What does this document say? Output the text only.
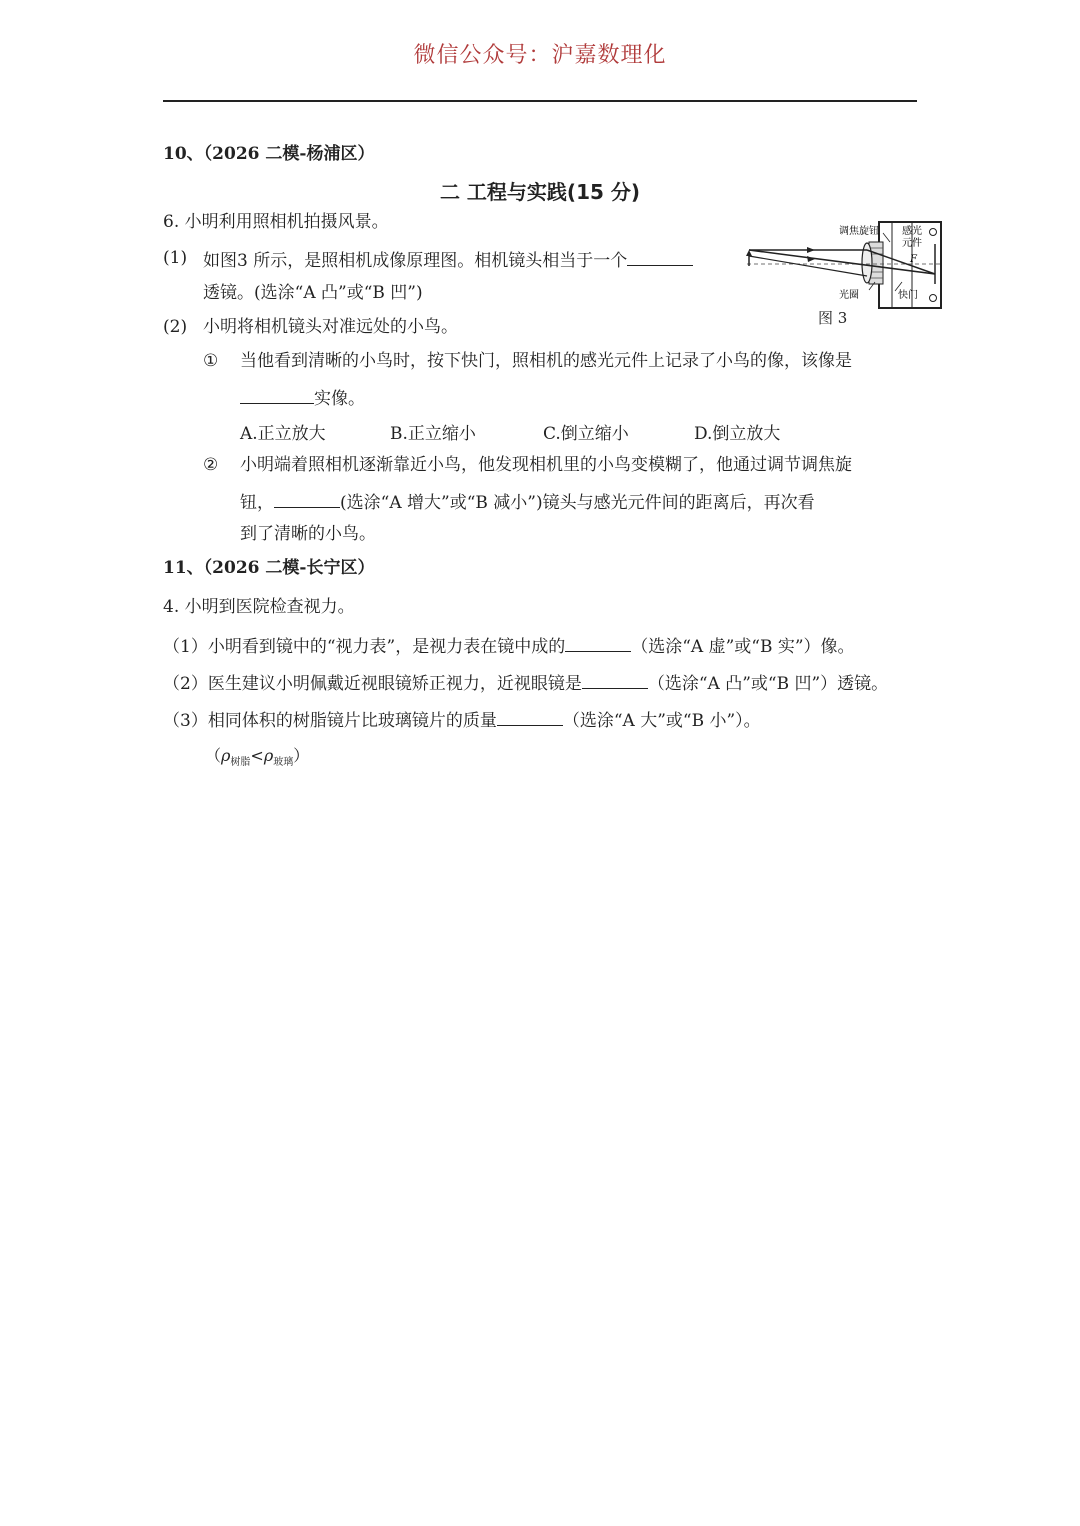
微信公众号：沪嘉数理化
10、（2026 二模-杨浦区）
二 工程与实践(15 分)
6. 小明利用照相机拍摄风景。
(1) 如图3 所示，是照相机成像原理图。相机镜头相当于一个
透镜。(选涂“A 凸”或“B 凹”)
(2) 小明将相机镜头对准远处的小鸟。
① 当他看到清晰的小鸟时，按下快门，照相机的感光元件上记录了小鸟的像，该像是
实像。
A.正立放大	B.正立缩小	C.倒立缩小	D.倒立放大
② 小明端着照相机逐渐靠近小鸟，他发现相机里的小鸟变模糊了，他通过调节调焦旋
钮，	(选涂“A 增大”或“B 减小”)镜头与感光元件间的距离后，再次看
到了清晰的小鸟。
调焦旋钮 感光
元件
F
光圈	快门
图 3
11、（2026 二模-长宁区）
4. 小明到医院检查视力。
（1）小明看到镜中的“视力表”，是视力表在镜中成的	（选涂“A 虚”或“B 实”）像。
（2）医生建议小明佩戴近视眼镜矫正视力，近视眼镜是	（选涂“A 凸”或“B 凹”）透镜。
（3）相同体积的树脂镜片比玻璃镜片的质量	（选涂“A 大”或“B 小”）。
$(\rho_{树脂}<\rho_{玻璃})$
